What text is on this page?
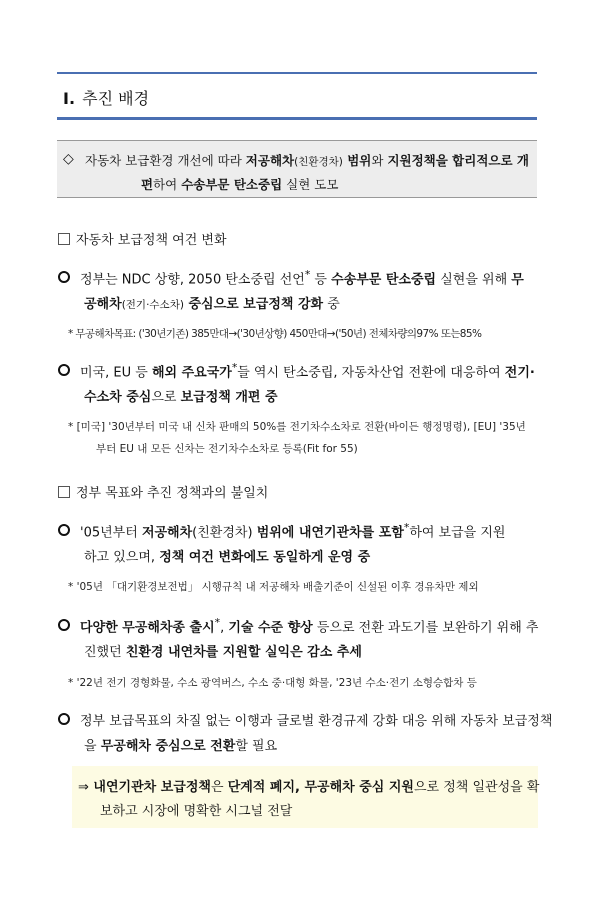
Ⅰ. 추진 배경
◇ 자동차 보급환경 개선에 따라 저공해차(친환경차) 범위와 지원정책을 합리적으로 개
편하여 수송부문 탄소중립 실현 도모
자동차 보급정책 여건 변화
정부는 NDC 상향, 2050 탄소중립 선언* 등 수송부문 탄소중립 실현을 위해 무
공해차(전기·수소차) 중심으로 보급정책 강화 중
* 무공해차목표: ('30년기존) 385만대→('30년상향) 450만대→('50년) 전체차량의97% 또는85%
미국, EU 등 해외 주요국가*들 역시 탄소중립, 자동차산업 전환에 대응하여 전기·
수소차 중심으로 보급정책 개편 중
* [미국] '30년부터 미국 내 신차 판매의 50%를 전기차수소차로 전환(바이든 행정명령), [EU] '35년
부터 EU 내 모든 신차는 전기차수소차로 등록(Fit for 55)
정부 목표와 추진 정책과의 불일치
'05년부터 저공해차(친환경차) 범위에 내연기관차를 포함*하여 보급을 지원
하고 있으며, 정책 여건 변화에도 동일하게 운영 중
* '05년 「대기환경보전법」 시행규칙 내 저공해차 배출기준이 신설된 이후 경유차만 제외
다양한 무공해차종 출시*, 기술 수준 향상 등으로 전환 과도기를 보완하기 위해 추
진했던 친환경 내연차를 지원할 실익은 감소 추세
* '22년 전기 경형화물, 수소 광역버스, 수소 중·대형 화물, '23년 수소·전기 소형승합차 등
정부 보급목표의 차질 없는 이행과 글로벌 환경규제 강화 대응 위해 자동차 보급정책
을 무공해차 중심으로 전환할 필요
⇒ 내연기관차 보급정책은 단계적 폐지, 무공해차 중심 지원으로 정책 일관성을 확
보하고 시장에 명확한 시그널 전달
